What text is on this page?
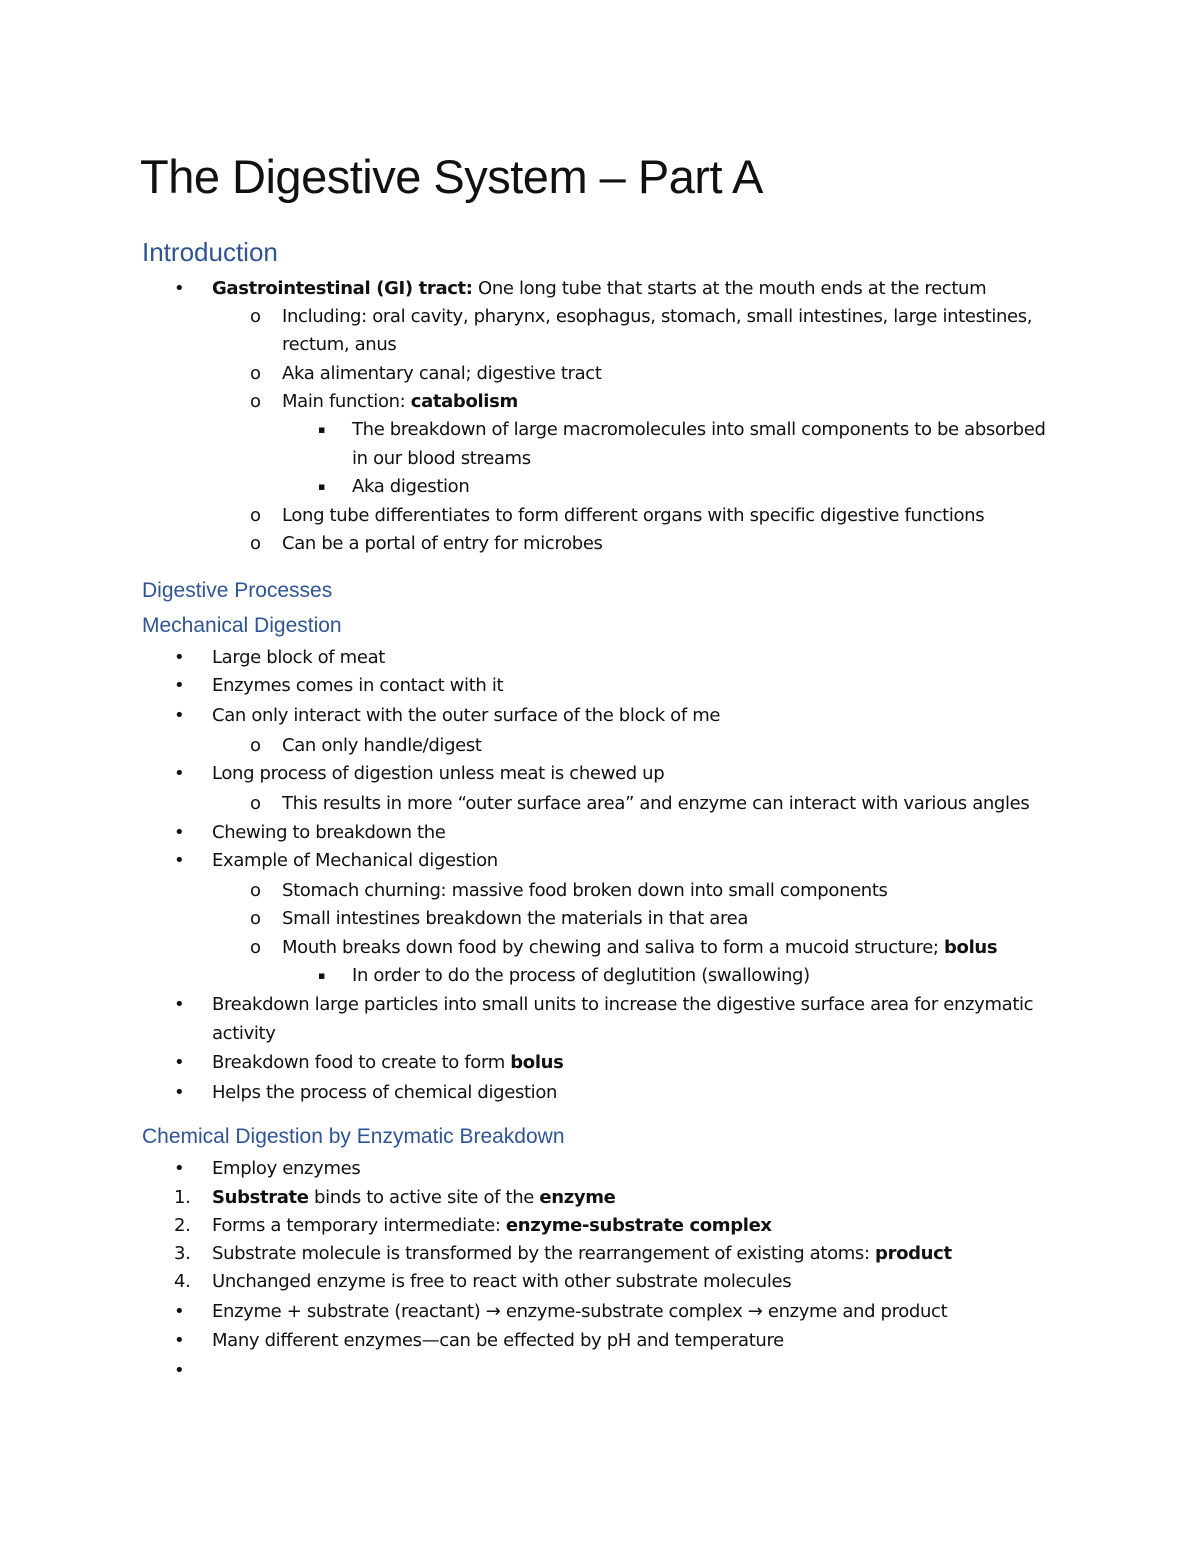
The Digestive System – Part A
Introduction
• Gastrointestinal (GI) tract: One long tube that starts at the mouth ends at the rectum
o Including: oral cavity, pharynx, esophagus, stomach, small intestines, large intestines,
rectum, anus
o Aka alimentary canal; digestive tract
o Main function: catabolism
▪ The breakdown of large macromolecules into small components to be absorbed
in our blood streams
▪ Aka digestion
o Long tube differentiates to form different organs with specific digestive functions
o Can be a portal of entry for microbes
Digestive Processes
Mechanical Digestion
• Large block of meat
• Enzymes comes in contact with it
• Can only interact with the outer surface of the block of me
o Can only handle/digest
• Long process of digestion unless meat is chewed up
o This results in more “outer surface area” and enzyme can interact with various angles
• Chewing to breakdown the
• Example of Mechanical digestion
o Stomach churning: massive food broken down into small components
o Small intestines breakdown the materials in that area
o Mouth breaks down food by chewing and saliva to form a mucoid structure; bolus
▪ In order to do the process of deglutition (swallowing)
• Breakdown large particles into small units to increase the digestive surface area for enzymatic
activity
• Breakdown food to create to form bolus
• Helps the process of chemical digestion
Chemical Digestion by Enzymatic Breakdown
• Employ enzymes
1. Substrate binds to active site of the enzyme
2. Forms a temporary intermediate: enzyme-substrate complex
3. Substrate molecule is transformed by the rearrangement of existing atoms: product
4. Unchanged enzyme is free to react with other substrate molecules
• Enzyme + substrate (reactant) → enzyme-substrate complex → enzyme and product
• Many different enzymes—can be effected by pH and temperature
•
